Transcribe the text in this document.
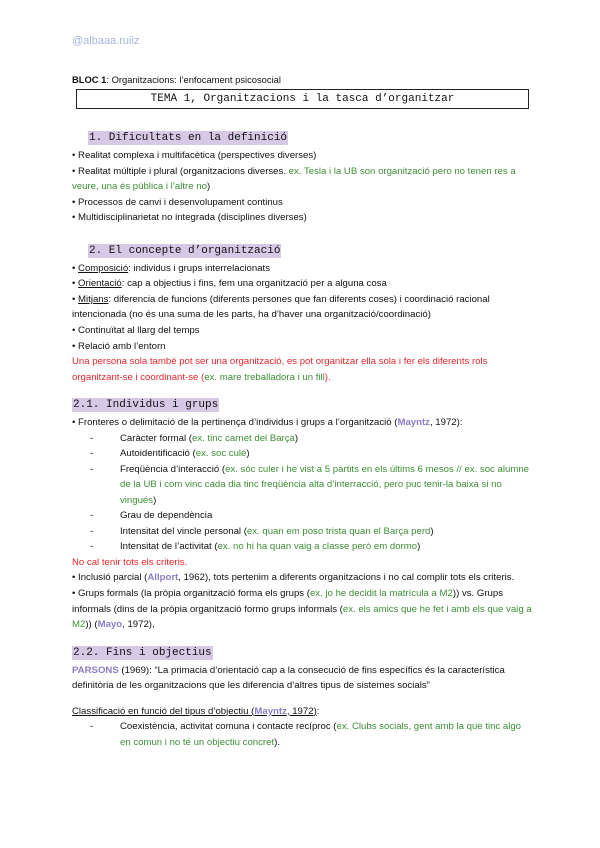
@albaaa.ruiiz
BLOC 1: Organitzacions: l’enfocament psicosocial
TEMA 1, Organitzacions i la tasca d’organitzar
1. Dificultats en la definició

• Realitat complexa i multifacètica (perspectives diverses)

• Realitat múltiple i plural (organitzacions diverses. ex. Tesla i la UB son organització pero no tenen res a veure, una és pública i l’altre no)

• Processos de canvi i desenvolupament continus

• Multidisciplinarietat no integrada (disciplines diverses)

2. El concepte d’organització

• Composició: individus i grups interrelacionats

• Orientació: cap a objectius i fins, fem una organització per a alguna cosa

• Mitjans: diferencia de funcions (diferents persones que fan diferents coses) i coordinació racional intencionada (no és una suma de les parts, ha d’haver una organització/coordinació)

• Continuïtat al llarg del temps

• Relació amb l’entorn

Una persona sola també pot ser una organització, es pot organitzar ella sola i fer els diferents rols organitzant-se i coordinant-se (ex. mare treballadora i un fill).

2.1. Individus i grups

• Fronteres o delimitació de la pertinença d’individus i grups a l’organització (Mayntz, 1972):

-	Caràcter formal (ex. tinc carnet del Barça)

-	Autoidentificació (ex. soc culé)

-	Freqüència d’interacció (ex. sóc culer i he vist a 5 partits en els últims 6 mesos // ex. soc alumne de la UB i com vinc cada dia tinc freqüència alta d’interracció, pero puc tenir-la baixa si no vingués)

-	Grau de dependència

-	Intensitat del vincle personal (ex. quan em poso trista quan el Barça perd)

-	Intensitat de l’activitat (ex. no hi ha quan vaig a classe però em dormo)

No cal tenir tots els criteris.

• Inclusió parcial (Allport, 1962), tots pertenim a diferents organitzacions i no cal complir tots els criteris.

• Grups formals (la pròpia organització forma els grups (ex. jo he decidit la matrícula a M2)) vs. Grups informals (dins de la pròpia organització formo grups informals (ex. els amics que he fet i amb els que vaig a M2)) (Mayo, 1972),

2.2. Fins i objectius

PARSONS (1969): “La primacia d’orientació cap a la consecució de fins específics és la característica definitòria de les organitzacions que les diferencia d’altres tipus de sistemes socials”

Classificació en funció del tipus d’objectiu (Mayntz, 1972):

-	Coexistència, activitat comuna i contacte recíproc (ex. Clubs socials, gent amb la que tinc algo en comun i no té un objectiu concret).
